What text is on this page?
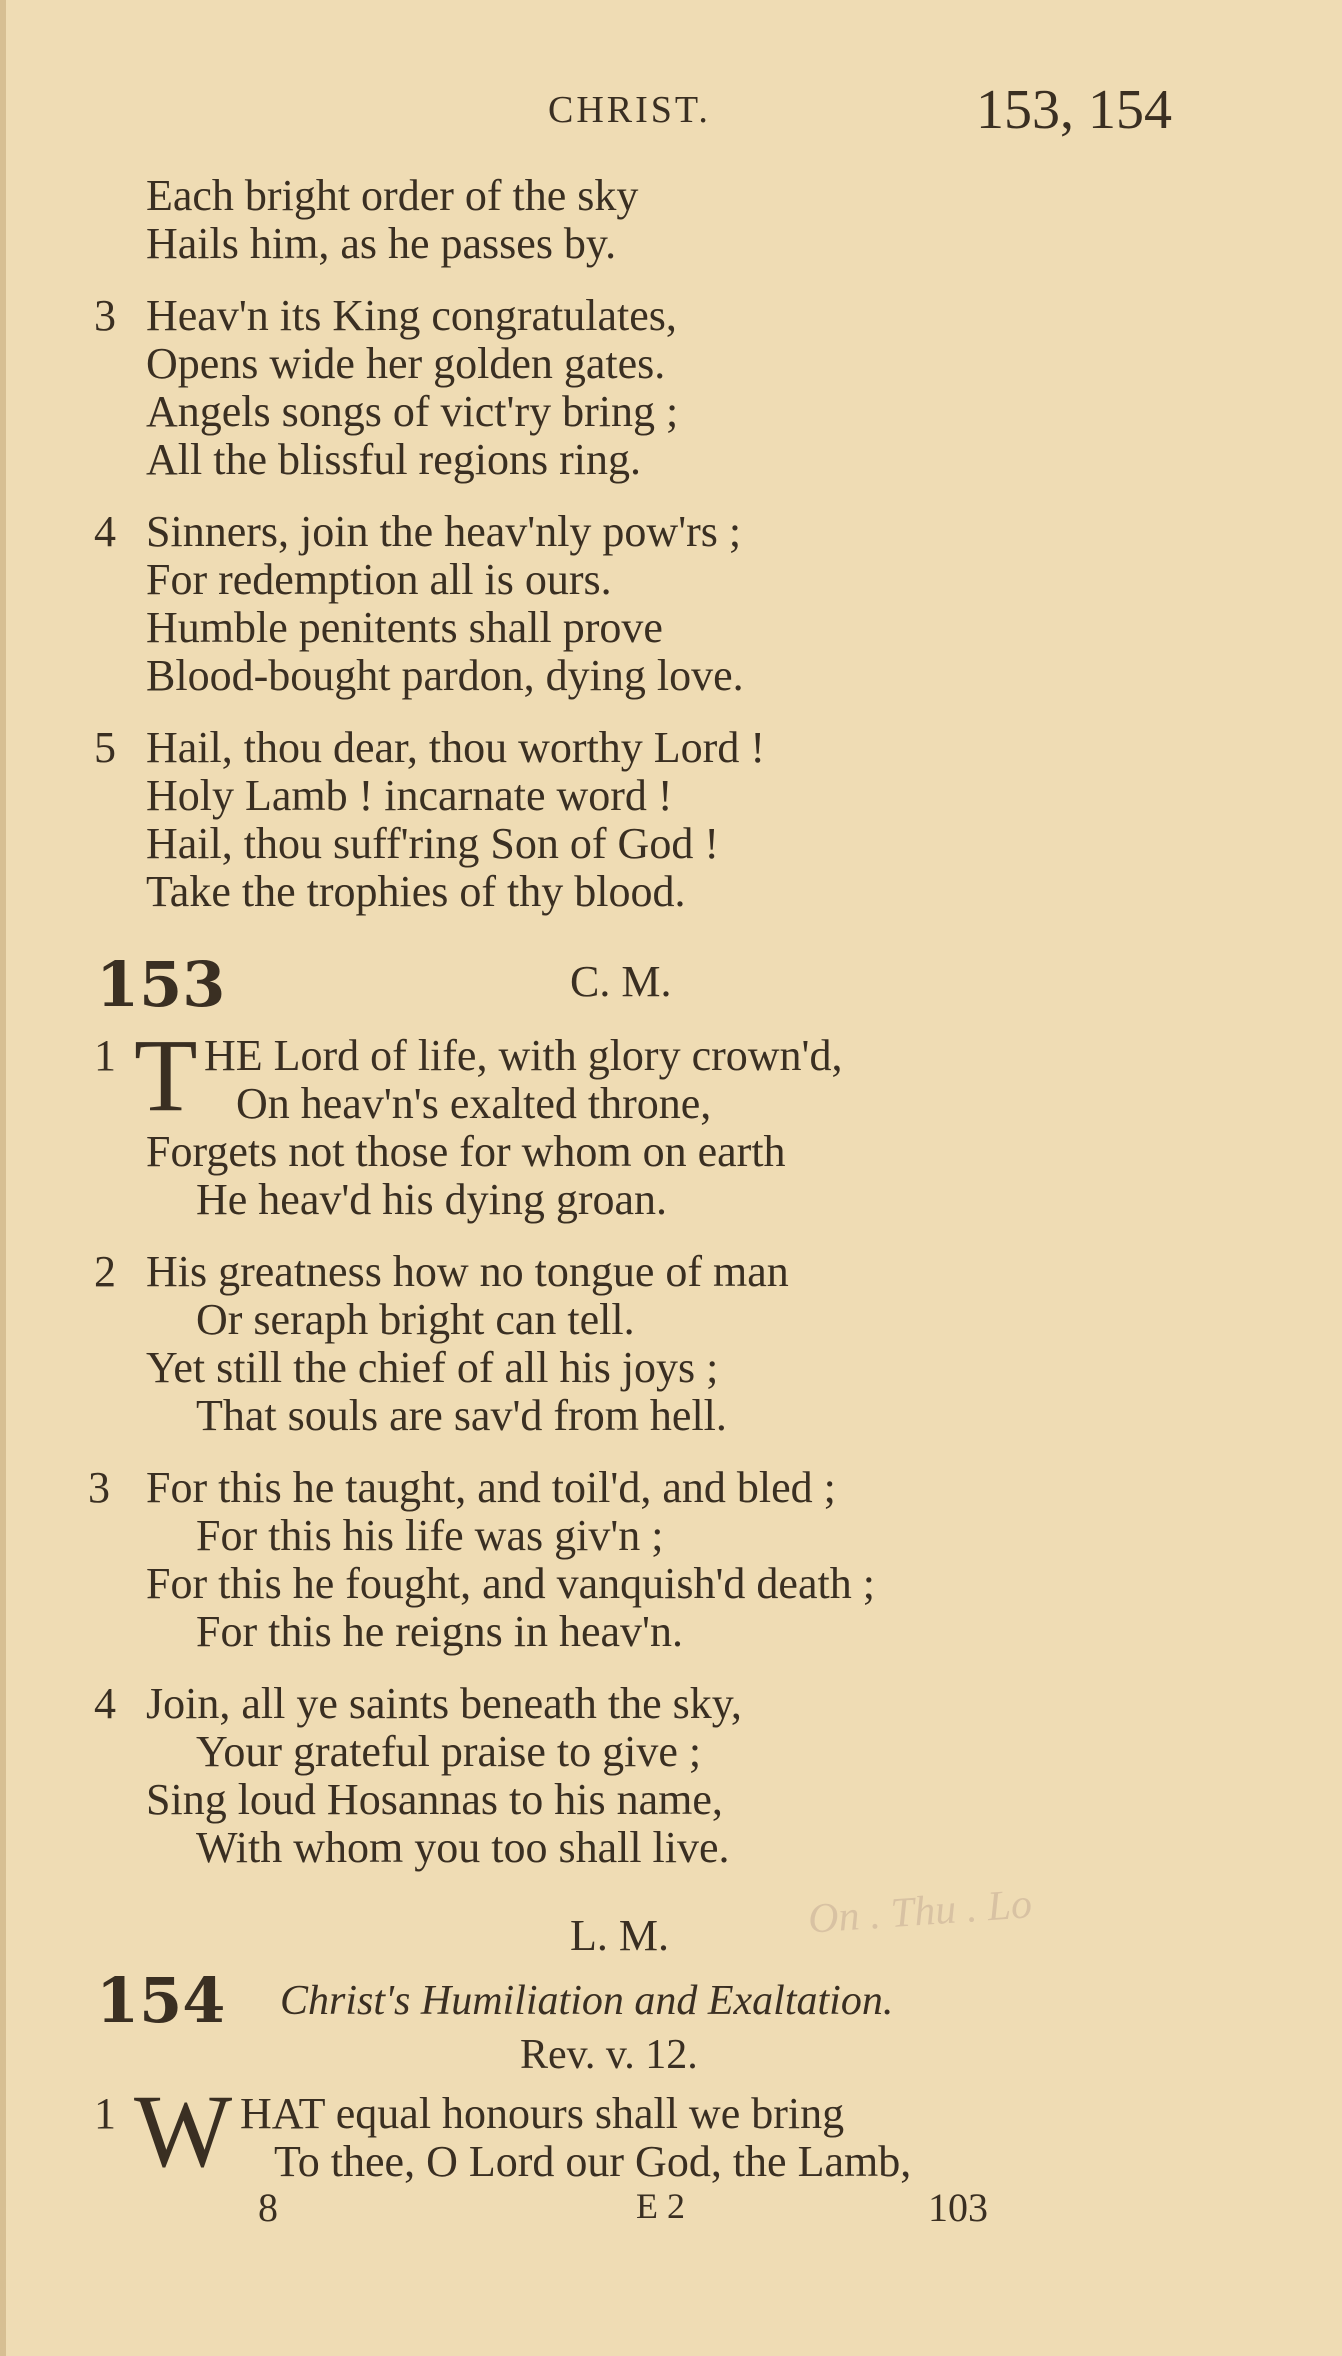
CHRIST.	153, 154
Each bright order of the sky
Hails him, as he passes by.
3 Heav'n its King congratulates,
Opens wide her golden gates.
Angels songs of vict'ry bring ;
All the blissful regions ring.
4 Sinners, join the heav'nly pow'rs ;
For redemption all is ours.
Humble penitents shall prove
Blood-bought pardon, dying love.
5 Hail, thou dear, thou worthy Lord !
Holy Lamb ! incarnate word !
Hail, thou suff'ring Son of God !
Take the trophies of thy blood.
153	C. M.
1 T HE Lord of life, with glory crown'd,
On heav'n's exalted throne,
Forgets not those for whom on earth
He heav'd his dying groan.
2 His greatness how no tongue of man
Or seraph bright can tell.
Yet still the chief of all his joys ;
That souls are sav'd from hell.
3 For this he taught, and toil'd, and bled ;
For this his life was giv'n ;
For this he fought, and vanquish'd death ;
For this he reigns in heav'n.
4 Join, all ye saints beneath the sky,
Your grateful praise to give ;
Sing loud Hosannas to his name,
With whom you too shall live.
L. M.	On . Thu . Lo
154 Christ's Humiliation and Exaltation.
Rev. v. 12.
1 W HAT equal honours shall we bring
To thee, O Lord our God, the Lamb,
8	E 2	103
